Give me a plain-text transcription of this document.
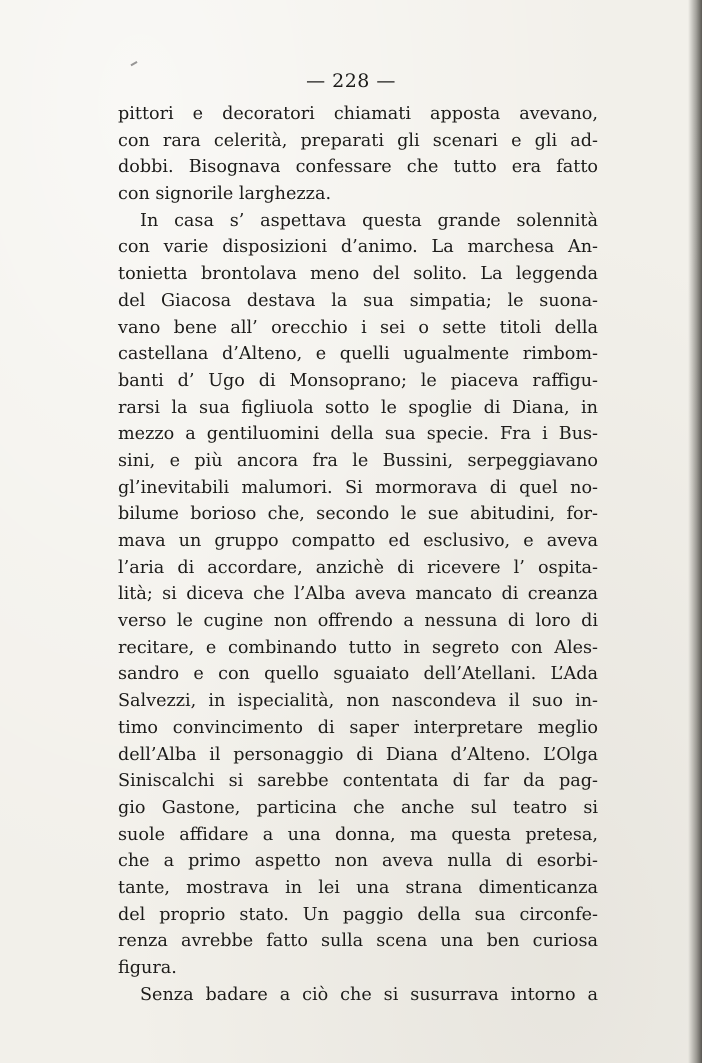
— 228 —
pittori e decoratori chiamati apposta avevano,
con rara celerità, preparati gli scenari e gli ad-
dobbi. Bisognava confessare che tutto era fatto
con signorile larghezza.
In casa s’ aspettava questa grande solennità
con varie disposizioni d’animo. La marchesa An-
tonietta brontolava meno del solito. La leggenda
del Giacosa destava la sua simpatia; le suona-
vano bene all’ orecchio i sei o sette titoli della
castellana d’Alteno, e quelli ugualmente rimbom-
banti d’ Ugo di Monsoprano; le piaceva raffigu-
rarsi la sua figliuola sotto le spoglie di Diana, in
mezzo a gentiluomini della sua specie. Fra i Bus-
sini, e più ancora fra le Bussini, serpeggiavano
gl’inevitabili malumori. Si mormorava di quel no-
bilume borioso che, secondo le sue abitudini, for-
mava un gruppo compatto ed esclusivo, e aveva
l’aria di accordare, anzichè di ricevere l’ ospita-
lità; si diceva che l’Alba aveva mancato di creanza
verso le cugine non offrendo a nessuna di loro di
recitare, e combinando tutto in segreto con Ales-
sandro e con quello sguaiato dell’Atellani. L’Ada
Salvezzi, in ispecialità, non nascondeva il suo in-
timo convincimento di saper interpretare meglio
dell’Alba il personaggio di Diana d’Alteno. L’Olga
Siniscalchi si sarebbe contentata di far da pag-
gio Gastone, particina che anche sul teatro si
suole affidare a una donna, ma questa pretesa,
che a primo aspetto non aveva nulla di esorbi-
tante, mostrava in lei una strana dimenticanza
del proprio stato. Un paggio della sua circonfe-
renza avrebbe fatto sulla scena una ben curiosa
figura.
Senza badare a ciò che si susurrava intorno a
